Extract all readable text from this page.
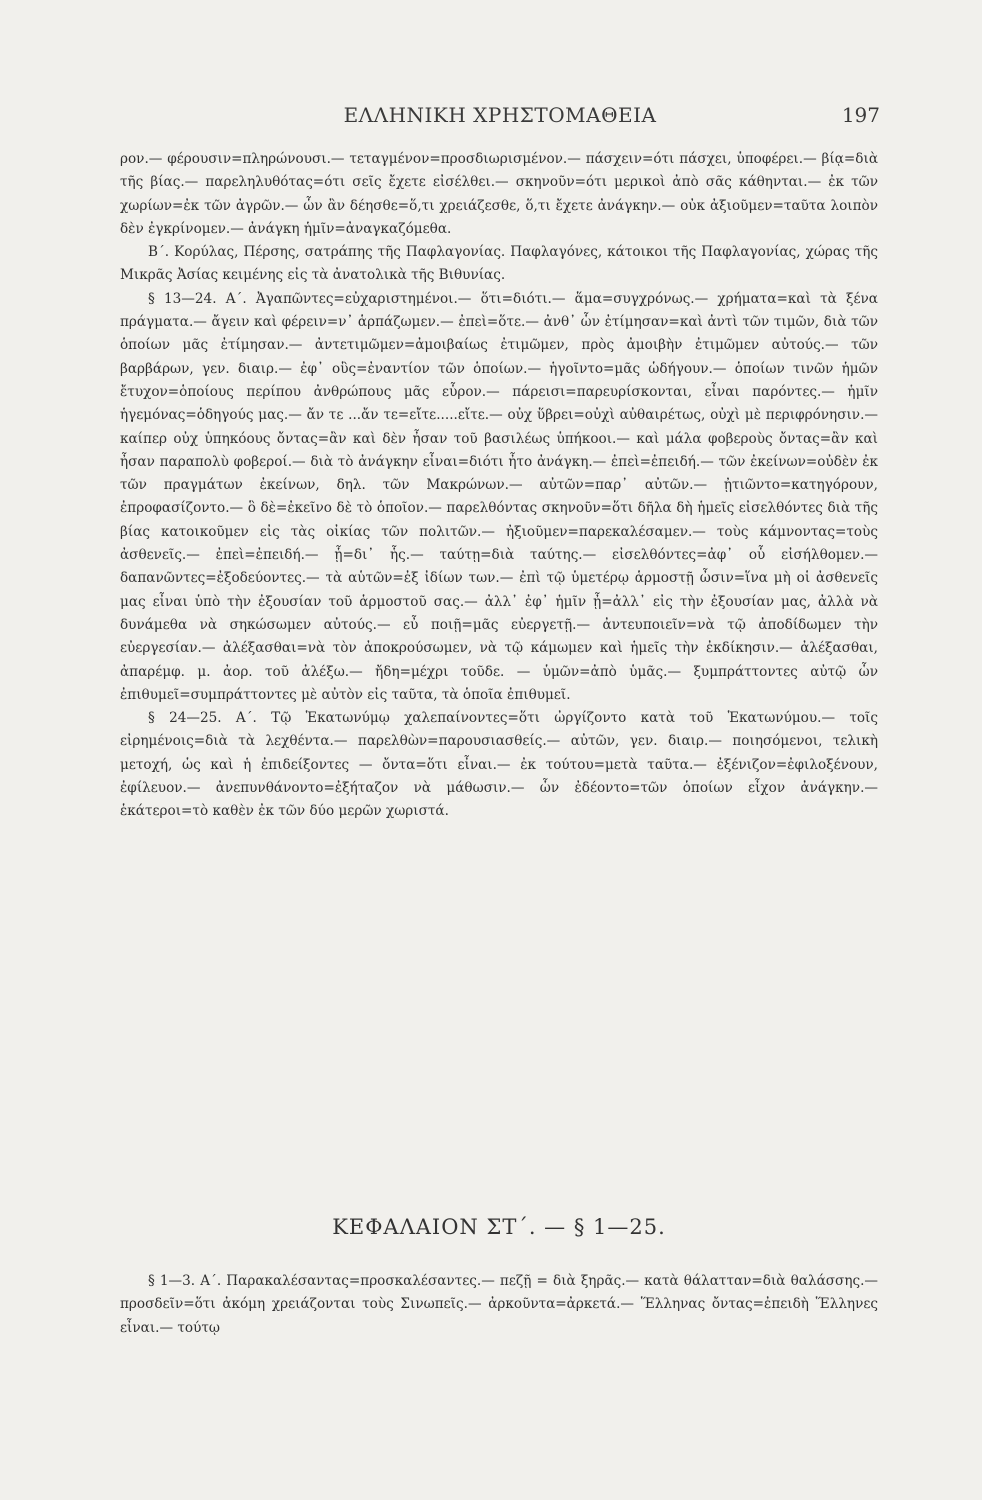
ΕΛΛΗΝΙΚΗ ΧΡΗΣΤΟΜΑΘΕΙΑ	197

ρον.— φέρουσιν=πληρώνουσι.— τεταγμένον=προσδιωρισμένον.— πάσχειν=ότι πάσχει, ὑποφέρει.— βίᾳ=διὰ τῆς βίας.— παρεληλυθότας=ότι σεῖς ἔχετε εἰσέλθει.— σκηνοῦν=ότι μερικοὶ ἀπὸ σᾶς κάθηνται.— ἐκ τῶν χωρίων=ἐκ τῶν ἀγρῶν.— ὧν ἂν δέησθε=ὅ,τι χρειάζεσθε, ὅ,τι ἔχετε ἀνάγκην.— οὐκ ἀξιοῦμεν=ταῦτα λοιπὸν δὲν ἐγκρίνομεν.— ἀνάγκη ἡμῖν=ἀναγκαζόμεθα.

Β΄. Κορύλας, Πέρσης, σατράπης τῆς Παφλαγονίας. Παφλαγόνες, κάτοικοι τῆς Παφλαγονίας, χώρας τῆς Μικρᾶς Ἀσίας κειμένης εἰς τὰ ἀνατολικὰ τῆς Βιθυνίας.

§ 13—24. Α΄. Ἀγαπῶντες=εὐχαριστημένοι.— ὅτι=διότι.— ἅμα=συγχρόνως.— χρήματα=καὶ τὰ ξένα πράγματα.— ἄγειν καὶ φέρειν=ν᾽ ἁρπάζωμεν.— ἐπεὶ=ὅτε.— ἀνθ᾽ ὧν ἐτίμησαν=καὶ ἀντὶ τῶν τιμῶν, διὰ τῶν ὁποίων μᾶς ἐτίμησαν.— ἀντετιμῶμεν=ἀμοιβαίως ἐτιμῶμεν, πρὸς ἀμοιβὴν ἐτιμῶμεν αὐτούς.— τῶν βαρβάρων, γεν. διαιρ.— ἐφ᾽ οὓς=ἐναντίον τῶν ὁποίων.— ἡγοῖντο=μᾶς ὡδήγουν.— ὁποίων τινῶν ἡμῶν ἔτυχον=ὁποίους περίπου ἀνθρώπους μᾶς εὗρον.— πάρεισι=παρευρίσκονται, εἶναι παρόντες.— ἡμῖν ἡγεμόνας=ὁδηγούς μας.— ἄν τε ...ἄν τε=εἴτε.....εἴτε.— οὐχ ὕβρει=οὐχὶ αὐθαιρέτως, οὐχὶ μὲ περιφρόνησιν.— καίπερ οὐχ ὑπηκόους ὄντας=ἂν καὶ δὲν ἦσαν τοῦ βασιλέως ὑπήκοοι.— καὶ μάλα φοβεροὺς ὄντας=ἂν καὶ ἦσαν παραπολὺ φοβεροί.— διὰ τὸ ἀνάγκην εἶναι=διότι ἦτο ἀνάγκη.— ἐπεὶ=ἐπειδή.— τῶν ἐκείνων=οὐδὲν ἐκ τῶν πραγμάτων ἐκείνων, δηλ. τῶν Μακρώνων.— αὐτῶν=παρ᾽ αὐτῶν.— ᾐτιῶντο=κατηγόρουν, ἐπροφασίζοντο.— ὃ δὲ=ἐκεῖνο δὲ τὸ ὁποῖον.— παρελθόντας σκηνοῦν=ὅτι δῆλα δὴ ἡμεῖς εἰσελθόντες διὰ τῆς βίας κατοικοῦμεν εἰς τὰς οἰκίας τῶν πολιτῶν.— ἠξιοῦμεν=παρεκαλέσαμεν.— τοὺς κάμνοντας=τοὺς ἀσθενεῖς.— ἐπεὶ=ἐπειδή.— ᾗ=δι᾽ ἧς.— ταύτῃ=διὰ ταύτης.— εἰσελθόντες=ἀφ᾽ οὗ εἰσήλθομεν.— δαπανῶντες=ἐξοδεύοντες.— τὰ αὑτῶν=ἐξ ἰδίων των.— ἐπὶ τῷ ὑμετέρῳ ἁρμοστῇ ὦσιν=ἵνα μὴ οἱ ἀσθενεῖς μας εἶναι ὑπὸ τὴν ἐξουσίαν τοῦ ἁρμοστοῦ σας.— ἀλλ᾽ ἐφ᾽ ἡμῖν ᾖ=ἀλλ᾽ εἰς τὴν ἐξουσίαν μας, ἀλλὰ νὰ δυνάμεθα νὰ σηκώσωμεν αὐτούς.— εὖ ποιῇ=μᾶς εὐεργετῇ.— ἀντευποιεῖν=νὰ τῷ ἀποδίδωμεν τὴν εὐεργεσίαν.— ἀλέξασθαι=νὰ τὸν ἀποκρούσωμεν, νὰ τῷ κάμωμεν καὶ ἡμεῖς τὴν ἐκδίκησιν.— ἀλέξασθαι, ἀπαρέμφ. μ. ἀορ. τοῦ ἀλέξω.— ἤδη=μέχρι τοῦδε. — ὑμῶν=ἀπὸ ὑμᾶς.— ξυμπράττοντες αὐτῷ ὧν ἐπιθυμεῖ=συμπράττοντες μὲ αὐτὸν εἰς ταῦτα, τὰ ὁποῖα ἐπιθυμεῖ.

§ 24—25. Α΄. Τῷ Ἑκατωνύμῳ χαλεπαίνοντες=ὅτι ὠργίζοντο κατὰ τοῦ Ἑκατωνύμου.— τοῖς εἰρημένοις=διὰ τὰ λεχθέντα.— παρελθὼν=παρουσιασθείς.— αὐτῶν, γεν. διαιρ.— ποιησόμενοι, τελικὴ μετοχή, ὡς καὶ ἡ ἐπιδείξοντες — ὄντα=ὅτι εἶναι.— ἐκ τούτου=μετὰ ταῦτα.— ἐξένιζον=ἐφιλοξένουν, ἐφίλευον.— ἀνεπυνθάνοντο=ἐξήταζον νὰ μάθωσιν.— ὧν ἐδέοντο=τῶν ὁποίων εἶχον ἀνάγκην.— ἑκάτεροι=τὸ καθὲν ἐκ τῶν δύο μερῶν χωριστά.

ΚΕΦΑΛΑΙΟΝ ΣΤ΄. — § 1—25.

§ 1—3. Α΄. Παρακαλέσαντας=προσκαλέσαντες.— πεζῇ = διὰ ξηρᾶς.— κατὰ θάλατταν=διὰ θαλάσσης.— προσδεῖν=ὅτι ἀκόμη χρειάζονται τοὺς Σινωπεῖς.— ἀρκοῦντα=ἀρκετά.— Ἕλληνας ὄντας=ἐπειδὴ Ἕλληνες εἶναι.— τούτῳ
